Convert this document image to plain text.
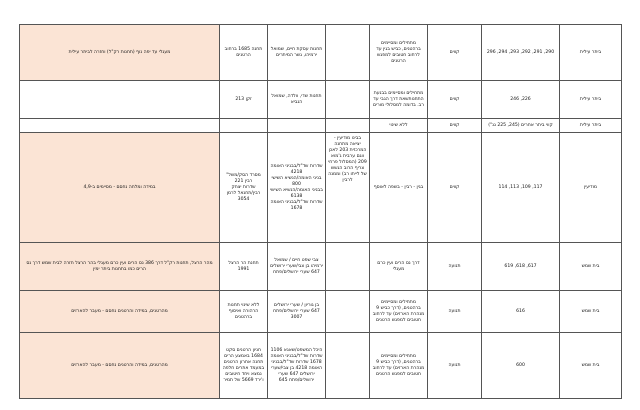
ביתר עילית	290, 291, 292, 293, 294, 296	קווים	מתחילים ומסיימים ברהטנים, כביש בגין עד לרחוב חטובים למפגש הרטנים		תחנות עסקת חיים, שמואל ירמיהו, גשר המיתרים	תחנה 1685 ברחוב הרטנים	מעגלי עד יפה נוף (תחנות רק"ל) וחזרה לביתר עילית

ביתר עילית	226, 246	קווים	מתחילים ומסיימים בבנעת התחנותשאת דרך הגבי עד רב. בדומה למסלולי מורים		תחנות שדי, וולדה, שמואל הנביא	זקן 213	

ביתר עילית	קווי ביתר אחרים (245, 225 גנ")	קווים	ללא שינוי				

מודיעין	117, 109, 113, 114	קווים	בגין - רבין - בשפה לאוסף	בבינו מודיעין - יציאה מתחנה המרכזית 203 לאכן ווגם ערבית ג'מוא 209 (המסלול פרחי צריף הרוב הגשש של לייתו רב) וממנה לרבין	שדרות שד"ל/בבניני האומה 4218
בניני האומה/הנשיא השישי 800
בבניני האומה/הנשיא השישי 6138
שדרות שד"ל/בבניני האומה 1678	מסרד הסק/משל" רבין 221
שדרות יצחק רבין/תחנאל לרמן 3054	במידה ומלחה נחסם - מסיימים ב-4,9

בית שמש	617, 618, 619	תנועה	דרך נס הרים ועין כרם מעגלי		צבי שפט חיים / שמואל ירמיהו בן צבי/שערי ירושלים 647 שערי ירושלים/פתח	תחנת הר הרצל 1991	מהר הרצל, תחנות רק"ל דרך 386 נס הרים ועין כרם מעגלי בהר הרצל חזרה לבית שמש דרך נס הרים כמו בתחנות ביתר ימין

בית שמש	616	תנועה	מתחילים ומסיימים ברהטנים, (דרך כביש 9 מנהרת הארזים) עד לרחוב חטובים למפגש הרטנים		בן גוריון / שערי ירושלים 647 שערי ירושלים/פתח 3007	ללא שינוי תחנות הרהורה ואיסוף ברהטנים	מהרטנים, במידה והרטנים נחסם - מעבר להארזים

בית שמש	600	תנועה	מתחילים ומסיימים ברהטנים, (דרך כביש 9 מנהרת הארזים) עד לרחוב חטובים למפגש הרטנים		היכל המשפט/שאגא 1106 שדרות שד"ל/בבניני האומה 1678 שדרות שד"ל/בבניני האומה 4218 בן צבי/שערי ירושלים 647 שערי ירושלים/פתח 645	חניון הרטנים סקט 1684 באמצע הרים תחנה אחרון הרטנים במעמד אתרים חלפה נמצא ויחד חיטובים ו'ירד 5669 של תמיר	מהרטנים, במידה והרטנים נחסם - מעבר להארזים
